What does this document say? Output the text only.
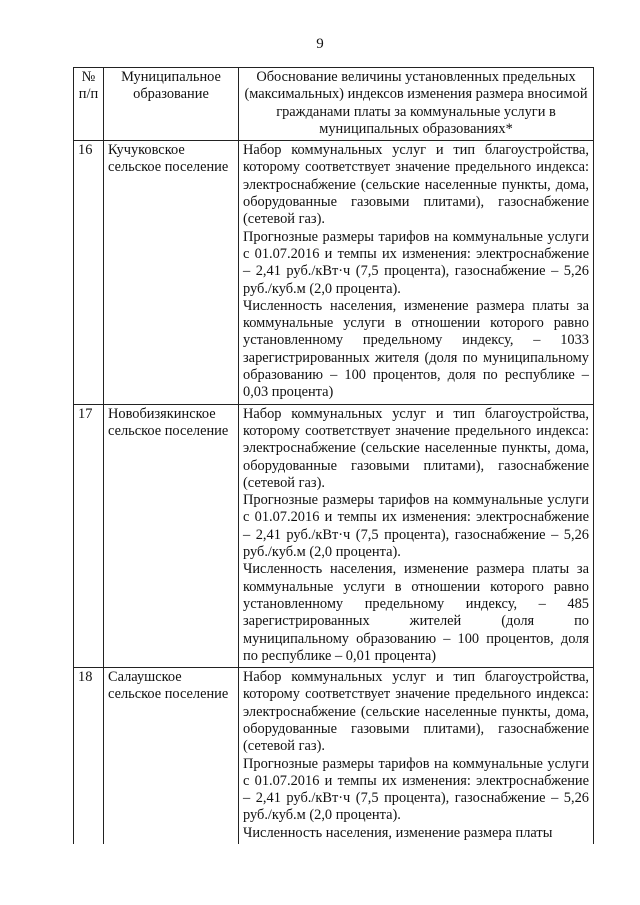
9
№ п/п	Муниципальное образование	Обоснование величины установленных предельных (максимальных) индексов изменения размера вносимой гражданами платы за коммунальные услуги в муниципальных образованиях*
16	Кучуковское сельское поселение	Набор коммунальных услуг и тип благоустройства, которому соответствует значение предельного индекса: электроснабжение (сельские населенные пункты, дома, оборудованные газовыми плитами), газоснабжение (сетевой газ).

Прогнозные размеры тарифов на коммунальные услуги с 01.07.2016 и темпы их изменения: электроснабжение – 2,41 руб./кВт·ч (7,5 процента), газоснабжение – 5,26 руб./куб.м (2,0 процента).

Численность населения, изменение размера платы за коммунальные услуги в отношении которого равно установленному предельному индексу, – 1033 зарегистрированных жителя (доля по муниципальному образованию – 100 процентов, доля по республике – 0,03 процента)

17	Новобизякинское сельское поселение	Набор коммунальных услуг и тип благоустройства, которому соответствует значение предельного индекса: электроснабжение (сельские населенные пункты, дома, оборудованные газовыми плитами), газоснабжение (сетевой газ).

Прогнозные размеры тарифов на коммунальные услуги с 01.07.2016 и темпы их изменения: электроснабжение – 2,41 руб./кВт·ч (7,5 процента), газоснабжение – 5,26 руб./куб.м (2,0 процента).

Численность населения, изменение размера платы за коммунальные услуги в отношении которого равно установленному предельному индексу, – 485 зарегистрированных жителей (доля по муниципальному образованию – 100 процентов, доля по республике – 0,01 процента)

18	Салаушское сельское поселение	Набор коммунальных услуг и тип благоустройства, которому соответствует значение предельного индекса: электроснабжение (сельские населенные пункты, дома, оборудованные газовыми плитами), газоснабжение (сетевой газ).

Прогнозные размеры тарифов на коммунальные услуги с 01.07.2016 и темпы их изменения: электроснабжение – 2,41 руб./кВт·ч (7,5 процента), газоснабжение – 5,26 руб./куб.м (2,0 процента).

Численность населения, изменение размера платы
